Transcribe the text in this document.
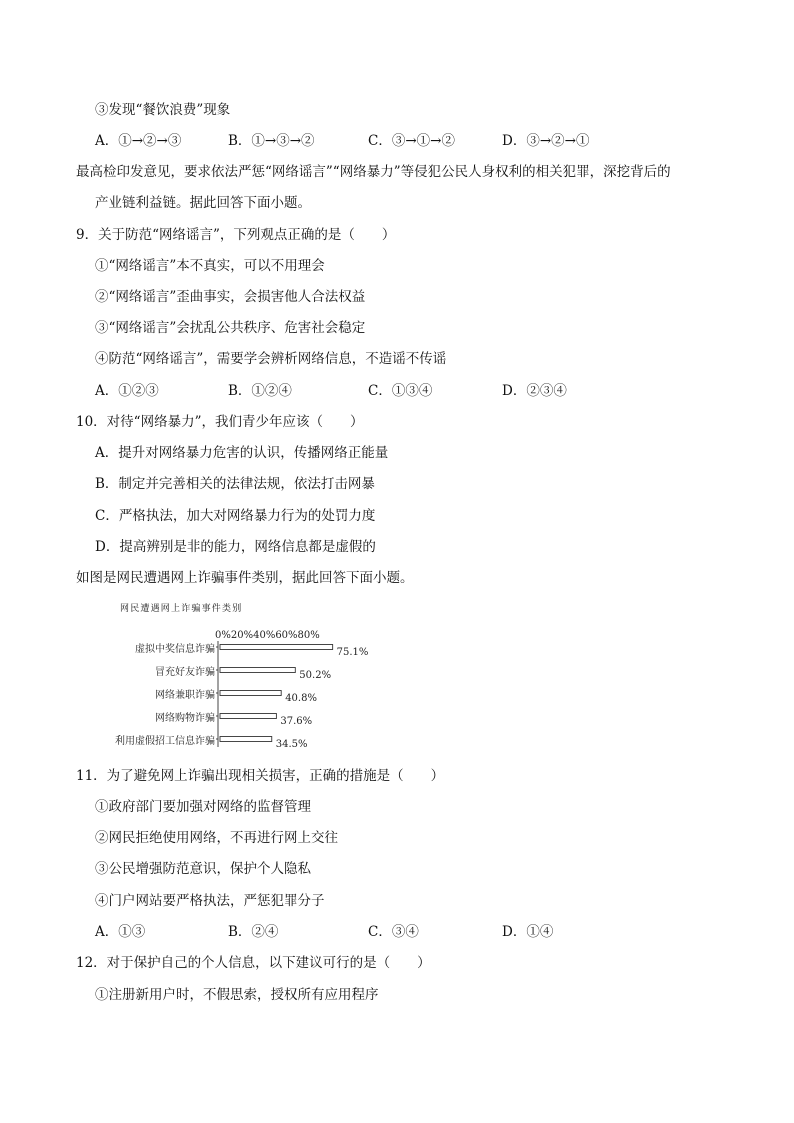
③发现“餐饮浪费”现象
A．①→②→③	B．①→③→②	C．③→①→②	D．③→②→①
最高检印发意见，要求依法严惩“网络谣言”“网络暴力”等侵犯公民人身权利的相关犯罪，深挖背后的
产业链利益链。据此回答下面小题。
9．关于防范“网络谣言”，下列观点正确的是（　　）
①“网络谣言”本不真实，可以不用理会
②“网络谣言”歪曲事实，会损害他人合法权益
③“网络谣言”会扰乱公共秩序、危害社会稳定
④防范“网络谣言”，需要学会辨析网络信息，不造谣不传谣
A．①②③	B．①②④	C．①③④	D．②③④
10．对待“网络暴力”，我们青少年应该（　　）
A．提升对网络暴力危害的认识，传播网络正能量
B．制定并完善相关的法律法规，依法打击网暴
C．严格执法，加大对网络暴力行为的处罚力度
D．提高辨别是非的能力，网络信息都是虚假的
如图是网民遭遇网上诈骗事件类别，据此回答下面小题。
网民遭遇网上诈骗事件类别
0%20%40%60%80%
虚拟中奖信息诈骗	75.1%
冒充好友诈骗	50.2%
网络兼职诈骗	40.8%
网络购物诈骗	37.6%
利用虚假招工信息诈骗	34.5%
11．为了避免网上诈骗出现相关损害，正确的措施是（　　）
①政府部门要加强对网络的监督管理
②网民拒绝使用网络，不再进行网上交往
③公民增强防范意识，保护个人隐私
④门户网站要严格执法，严惩犯罪分子
A．①③	B．②④	C．③④	D．①④
12．对于保护自己的个人信息，以下建议可行的是（　　）
①注册新用户时，不假思索，授权所有应用程序
